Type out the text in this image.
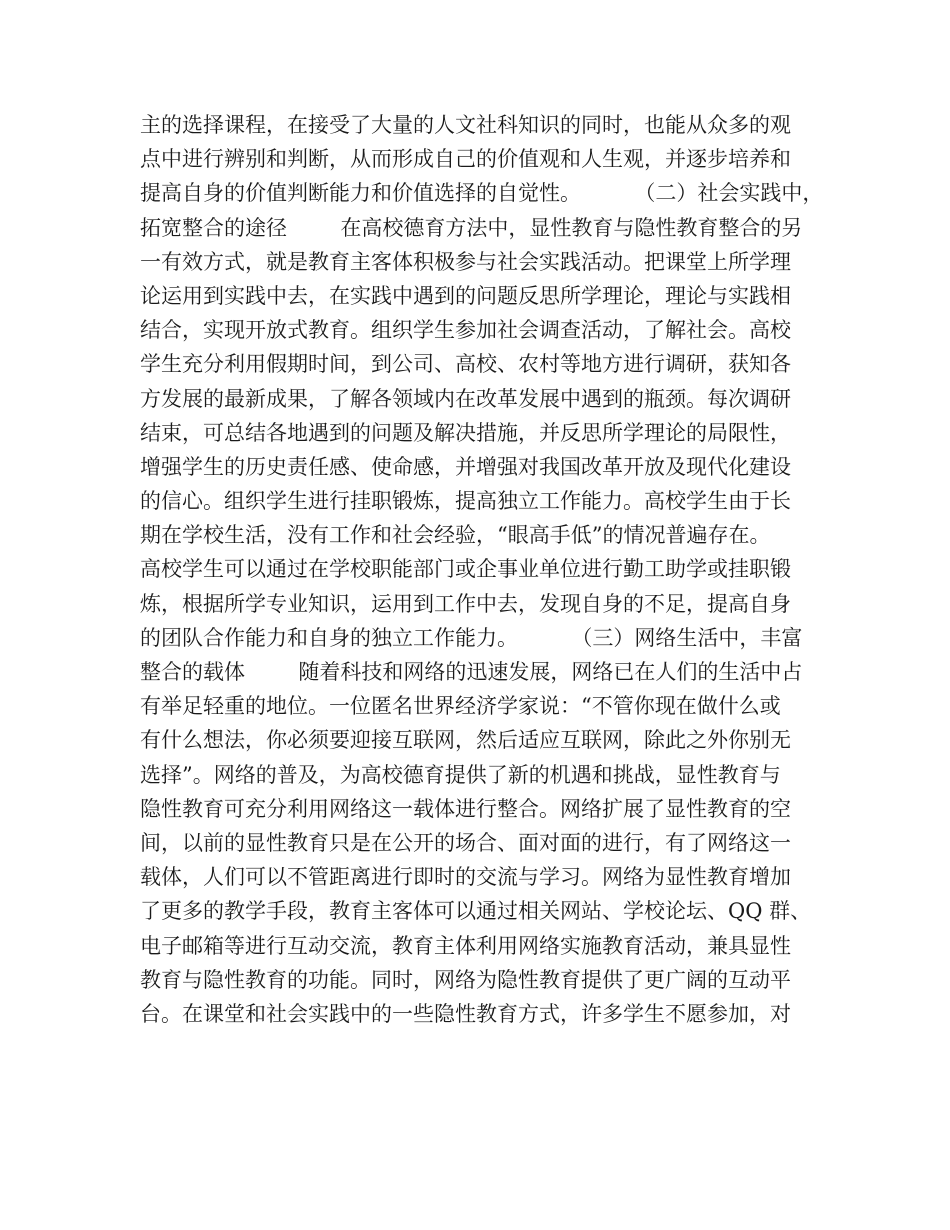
主的选择课程，在接受了大量的人文社科知识的同时，也能从众多的观
点中进行辨别和判断，从而形成自己的价值观和人生观，并逐步培养和
提高自身的价值判断能力和价值选择的自觉性。        （二）社会实践中，
拓宽整合的途径        在高校德育方法中，显性教育与隐性教育整合的另
一有效方式，就是教育主客体积极参与社会实践活动。把课堂上所学理
论运用到实践中去，在实践中遇到的问题反思所学理论，理论与实践相
结合，实现开放式教育。组织学生参加社会调查活动，了解社会。高校
学生充分利用假期时间，到公司、高校、农村等地方进行调研，获知各
方发展的最新成果，了解各领域内在改革发展中遇到的瓶颈。每次调研
结束，可总结各地遇到的问题及解决措施，并反思所学理论的局限性，
增强学生的历史责任感、使命感，并增强对我国改革开放及现代化建设
的信心。组织学生进行挂职锻炼，提高独立工作能力。高校学生由于长
期在学校生活，没有工作和社会经验，“眼高手低”的情况普遍存在。
高校学生可以通过在学校职能部门或企事业单位进行勤工助学或挂职锻
炼，根据所学专业知识，运用到工作中去，发现自身的不足，提高自身
的团队合作能力和自身的独立工作能力。        （三）网络生活中，丰富
整合的载体        随着科技和网络的迅速发展，网络已在人们的生活中占
有举足轻重的地位。一位匿名世界经济学家说：“不管你现在做什么或
有什么想法，你必须要迎接互联网，然后适应互联网，除此之外你别无
选择”。网络的普及，为高校德育提供了新的机遇和挑战，显性教育与
隐性教育可充分利用网络这一载体进行整合。网络扩展了显性教育的空
间，以前的显性教育只是在公开的场合、面对面的进行，有了网络这一
载体，人们可以不管距离进行即时的交流与学习。网络为显性教育增加
了更多的教学手段，教育主客体可以通过相关网站、学校论坛、QQ 群、
电子邮箱等进行互动交流，教育主体利用网络实施教育活动，兼具显性
教育与隐性教育的功能。同时，网络为隐性教育提供了更广阔的互动平
台。在课堂和社会实践中的一些隐性教育方式，许多学生不愿参加，对
